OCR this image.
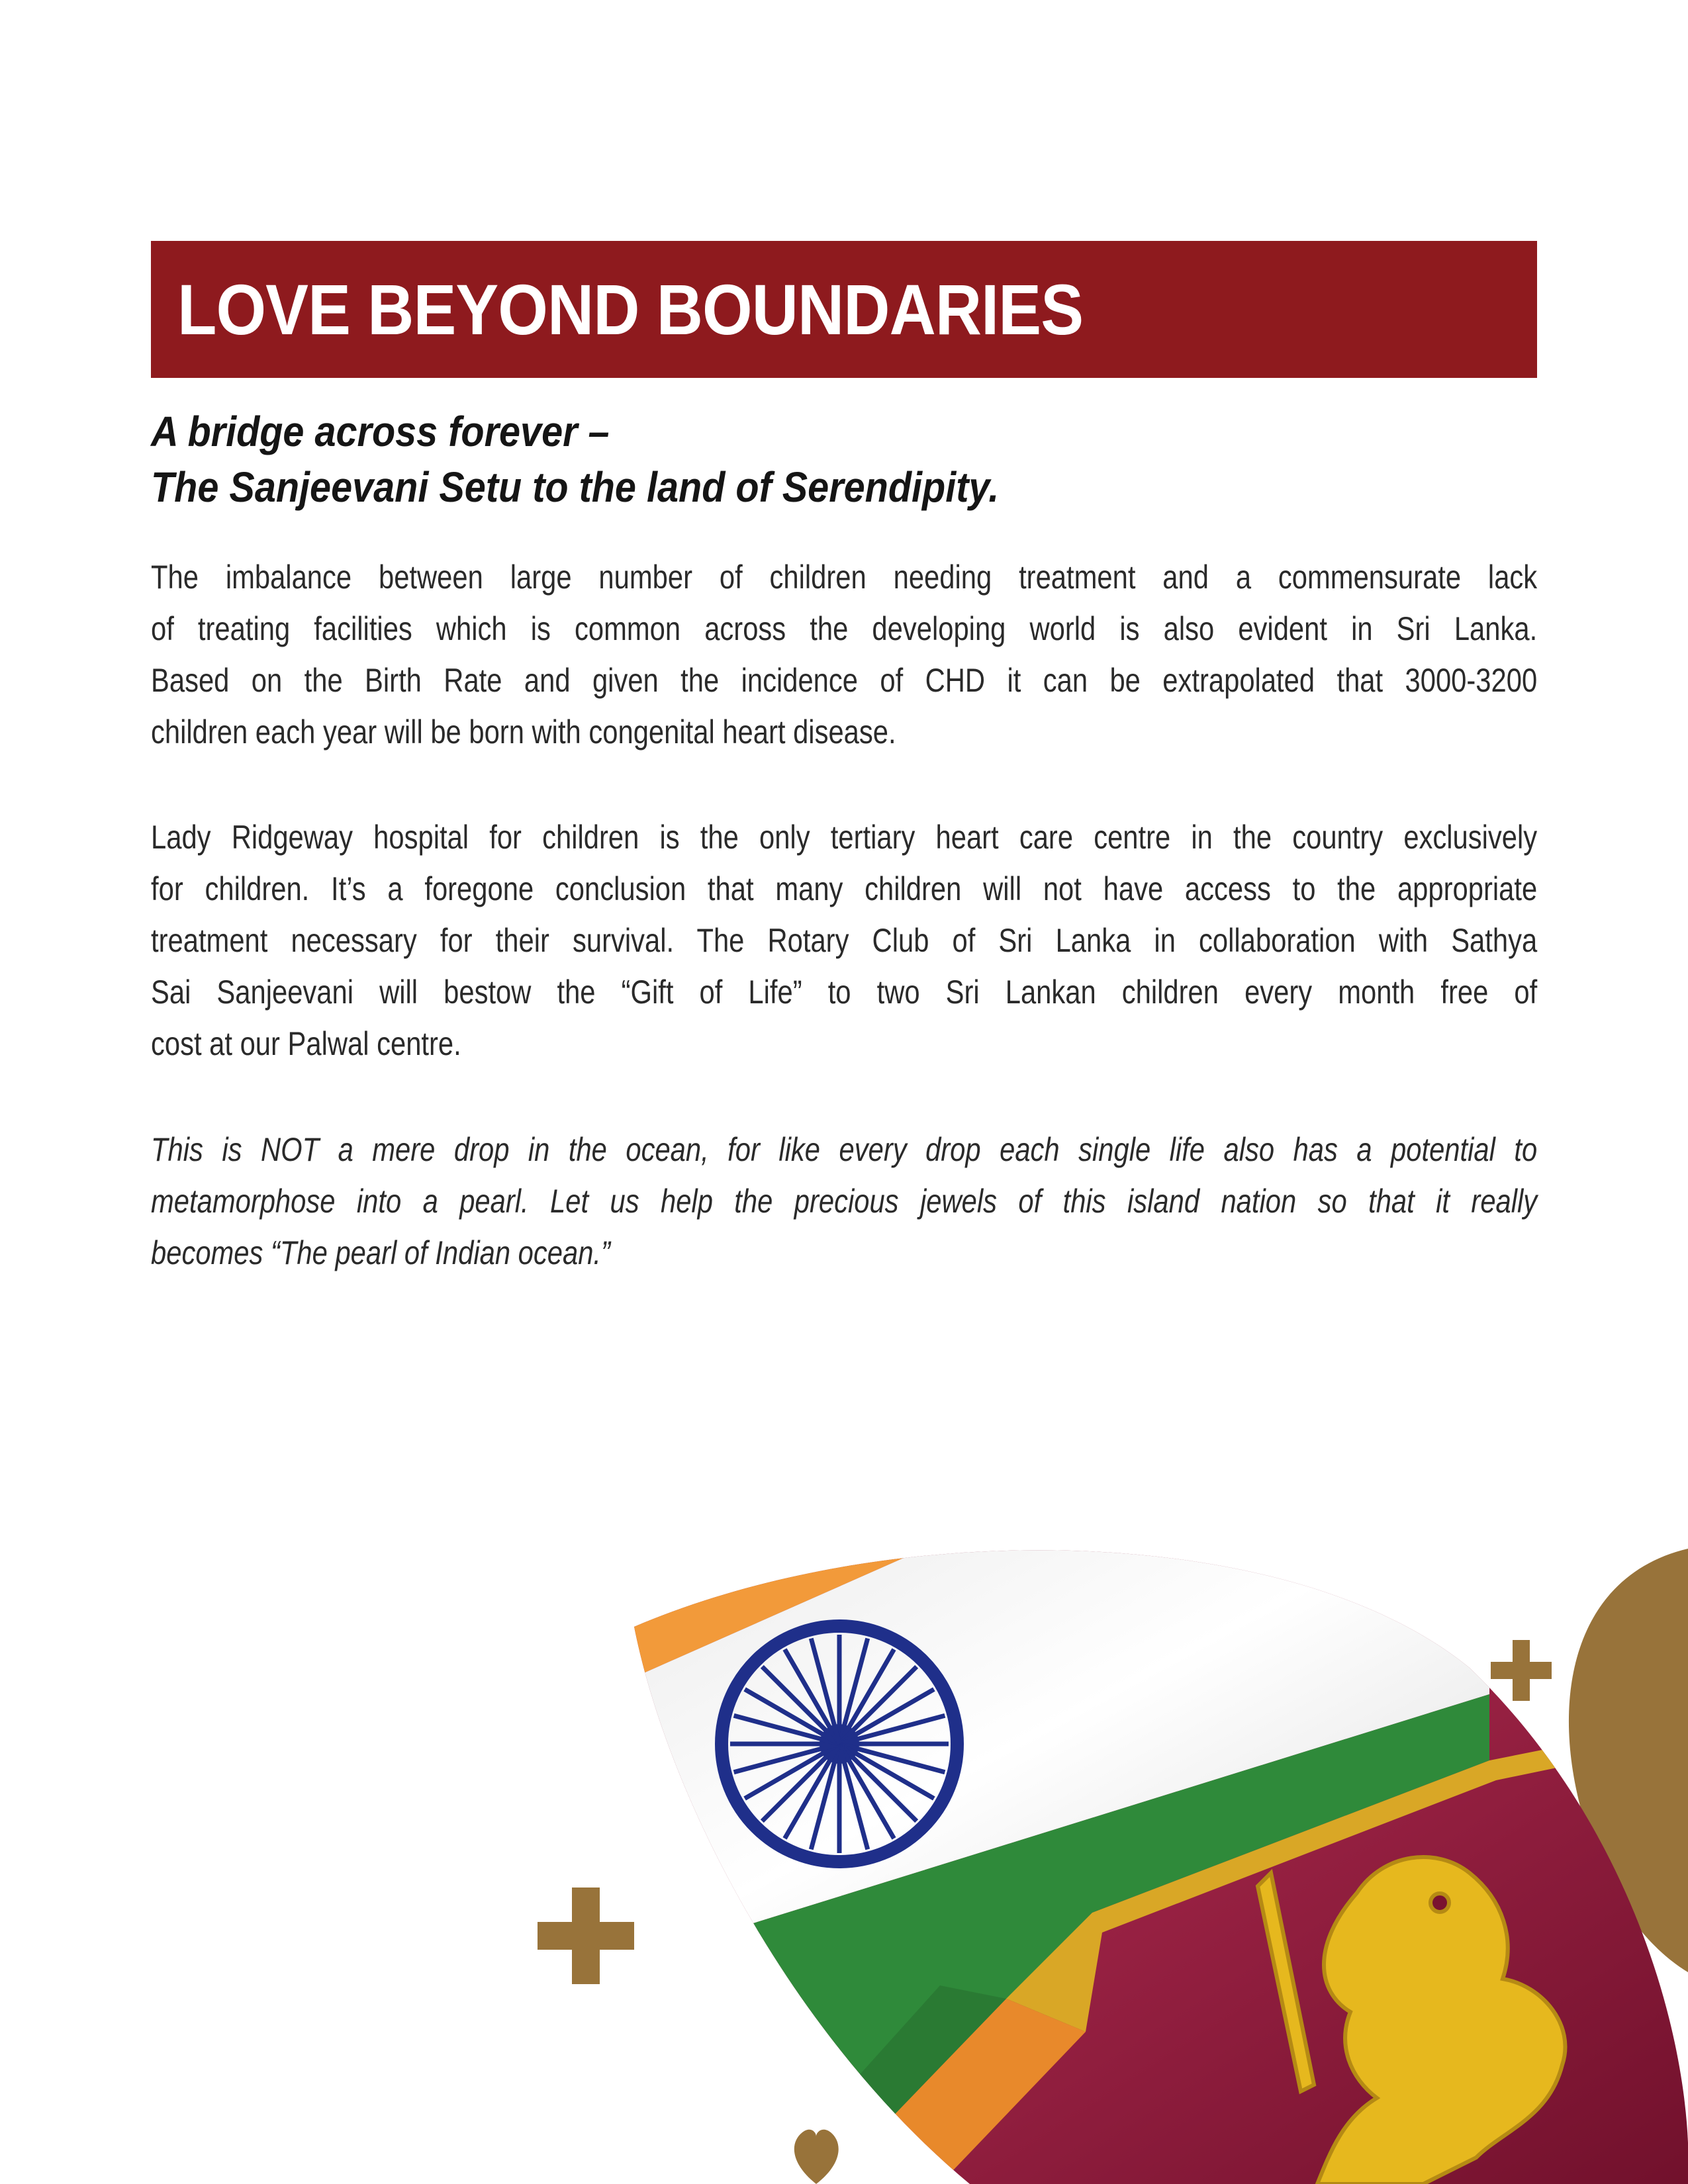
LOVE BEYOND BOUNDARIES
A bridge across forever –
The Sanjeevani Setu to the land of Serendipity.
The imbalance between large number of children needing treatment and a commensurate lack
of treating facilities which is common across the developing world is also evident in Sri Lanka.
Based on the Birth Rate and given the incidence of CHD it can be extrapolated that 3000-3200
children each year will be born with congenital heart disease.
Lady Ridgeway hospital for children is the only tertiary heart care centre in the country exclusively
for children. It’s a foregone conclusion that many children will not have access to the appropriate
treatment necessary for their survival. The Rotary Club of Sri Lanka in collaboration with Sathya
Sai Sanjeevani will bestow the “Gift of Life” to two Sri Lankan children every month free of
cost at our Palwal centre.
This is NOT a mere drop in the ocean, for like every drop each single life also has a potential to
metamorphose into a pearl. Let us help the precious jewels of this island nation so that it really
becomes “The pearl of Indian ocean.”
